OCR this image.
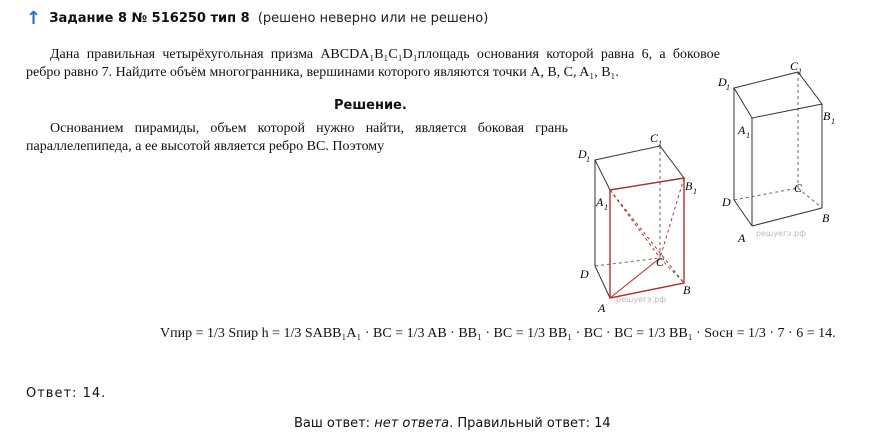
↑ Задание 8 № 516250 тип 8 (решено неверно или не решено)
Дана правильная четырёхугольная призма ABCDA₁B₁C₁D₁площадь основания которой равна 6, а боковое ребро равно 7. Найдите объём многогранника, вершинами которого являются точки A, B, C, A₁, B₁.
Решение.
Основанием пирамиды, объем которой нужно найти, является боковая грань параллелепипеда, а ее высотой является ребро BC. Поэтому	D 1
C 1
B 1
A 1
D
C
B
A
решуегэ.рф
D 1
C 1
B 1
A 1
D
C
B
A решуегэ.рф
Vпир = 1/3 Sпир h = 1/3 SABB₁A₁ · BC = 1/3 AB · BB₁ · BC = 1/3 BB₁ · BC · BC = 1/3 BB₁ · Sосн = 1/3 · 7 · 6 = 14.
Ответ: 14.
Ваш ответ: нет ответа. Правильный ответ: 14
